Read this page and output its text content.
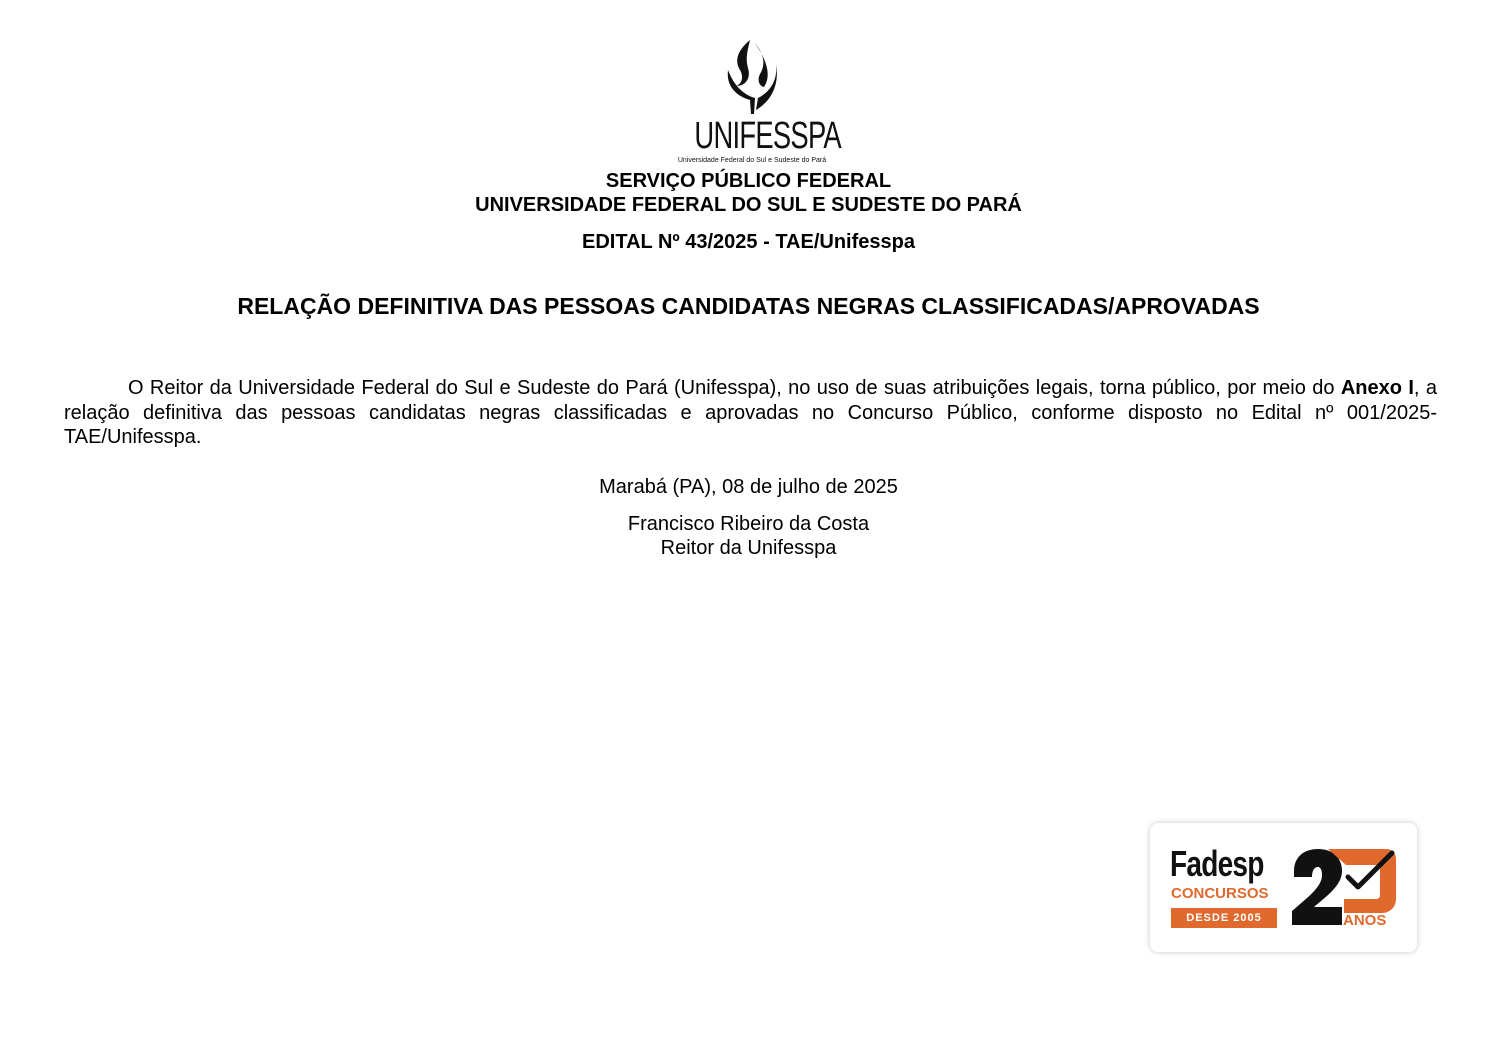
UNIFESSPA
Universidade Federal do Sul e Sudeste do Pará
SERVIÇO PÚBLICO FEDERAL
UNIVERSIDADE FEDERAL DO SUL E SUDESTE DO PARÁ
EDITAL Nº 43/2025 - TAE/Unifesspa
RELAÇÃO DEFINITIVA DAS PESSOAS CANDIDATAS NEGRAS CLASSIFICADAS/APROVADAS
O Reitor da Universidade Federal do Sul e Sudeste do Pará (Unifesspa), no uso de suas atribuições legais, torna público, por meio do Anexo I, a relação definitiva das pessoas candidatas negras classificadas e aprovadas no Concurso Público, conforme disposto no Edital nº 001/2025-TAE/Unifesspa.
Marabá (PA), 08 de julho de 2025
Francisco Ribeiro da Costa
Reitor da Unifesspa
Fadesp
CONCURSOS
DESDE 2005	ANOS
